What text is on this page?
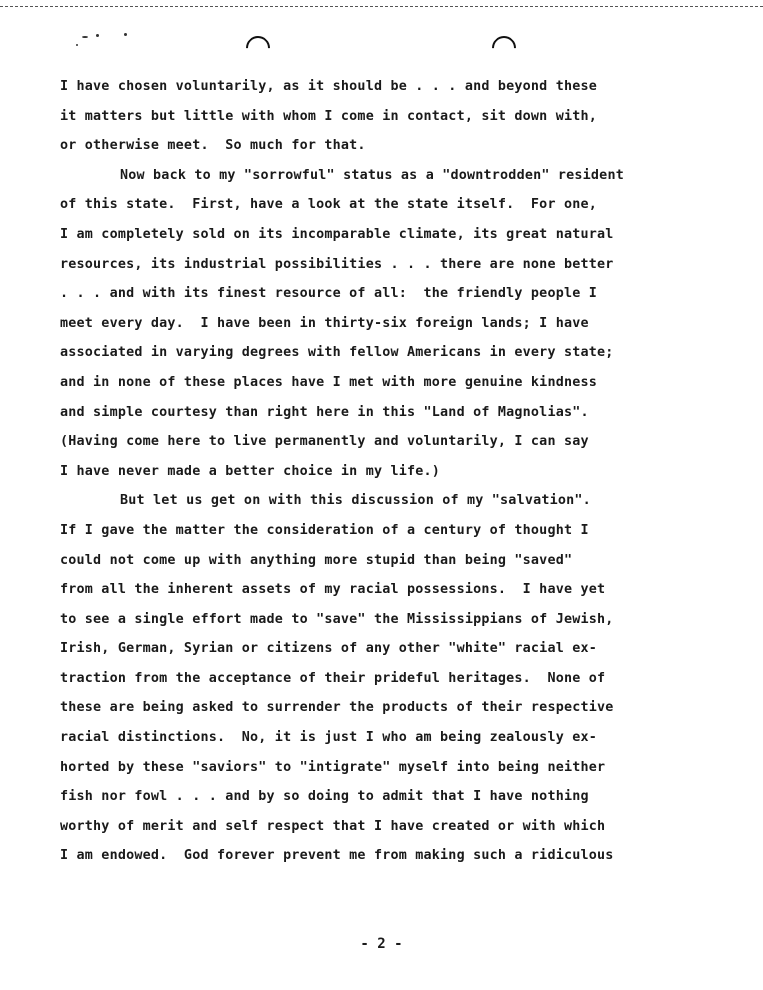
I have chosen voluntarily, as it should be . . . and beyond these
it matters but little with whom I come in contact, sit down with,
or otherwise meet.  So much for that.
Now back to my "sorrowful" status as a "downtrodden" resident
of this state.  First, have a look at the state itself.  For one,
I am completely sold on its incomparable climate, its great natural
resources, its industrial possibilities . . . there are none better
. . . and with its finest resource of all:  the friendly people I
meet every day.  I have been in thirty-six foreign lands; I have
associated in varying degrees with fellow Americans in every state;
and in none of these places have I met with more genuine kindness
and simple courtesy than right here in this "Land of Magnolias".
(Having come here to live permanently and voluntarily, I can say
I have never made a better choice in my life.)
But let us get on with this discussion of my "salvation".
If I gave the matter the consideration of a century of thought I
could not come up with anything more stupid than being "saved"
from all the inherent assets of my racial possessions.  I have yet
to see a single effort made to "save" the Mississippians of Jewish,
Irish, German, Syrian or citizens of any other "white" racial ex-
traction from the acceptance of their prideful heritages.  None of
these are being asked to surrender the products of their respective
racial distinctions.  No, it is just I who am being zealously ex-
horted by these "saviors" to "intigrate" myself into being neither
fish nor fowl . . . and by so doing to admit that I have nothing
worthy of merit and self respect that I have created or with which
I am endowed.  God forever prevent me from making such a ridiculous
- 2 -
